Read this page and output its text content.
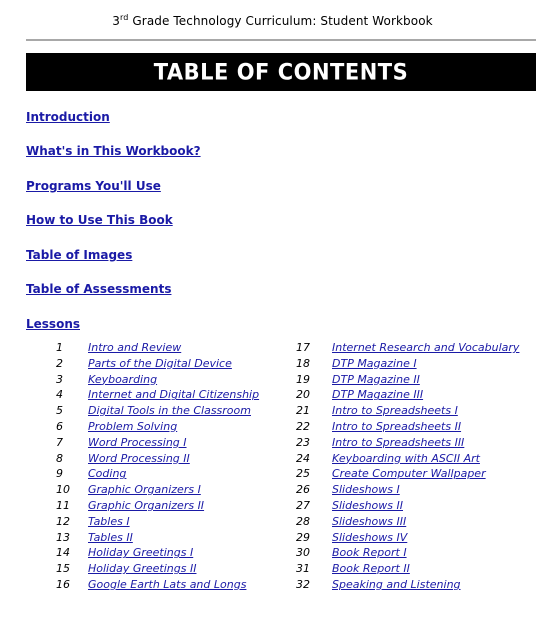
3rd Grade Technology Curriculum: Student Workbook
TABLE OF CONTENTS
Introduction
What's in This Workbook?
Programs You'll Use
How to Use This Book
Table of Images
Table of Assessments
Lessons
1 Intro and Review
2 Parts of the Digital Device
3 Keyboarding
4 Internet and Digital Citizenship
5 Digital Tools in the Classroom
6 Problem Solving
7 Word Processing I
8 Word Processing II
9 Coding
10 Graphic Organizers I
11 Graphic Organizers II
12 Tables I
13 Tables II
14 Holiday Greetings I
15 Holiday Greetings II
16 Google Earth Lats and Longs
17 Internet Research and Vocabulary
18 DTP Magazine I
19 DTP Magazine II
20 DTP Magazine III
21 Intro to Spreadsheets I
22 Intro to Spreadsheets II
23 Intro to Spreadsheets III
24 Keyboarding with ASCII Art
25 Create Computer Wallpaper
26 Slideshows I
27 Slideshows II
28 Slideshows III
29 Slideshows IV
30 Book Report I
31 Book Report II
32 Speaking and Listening
